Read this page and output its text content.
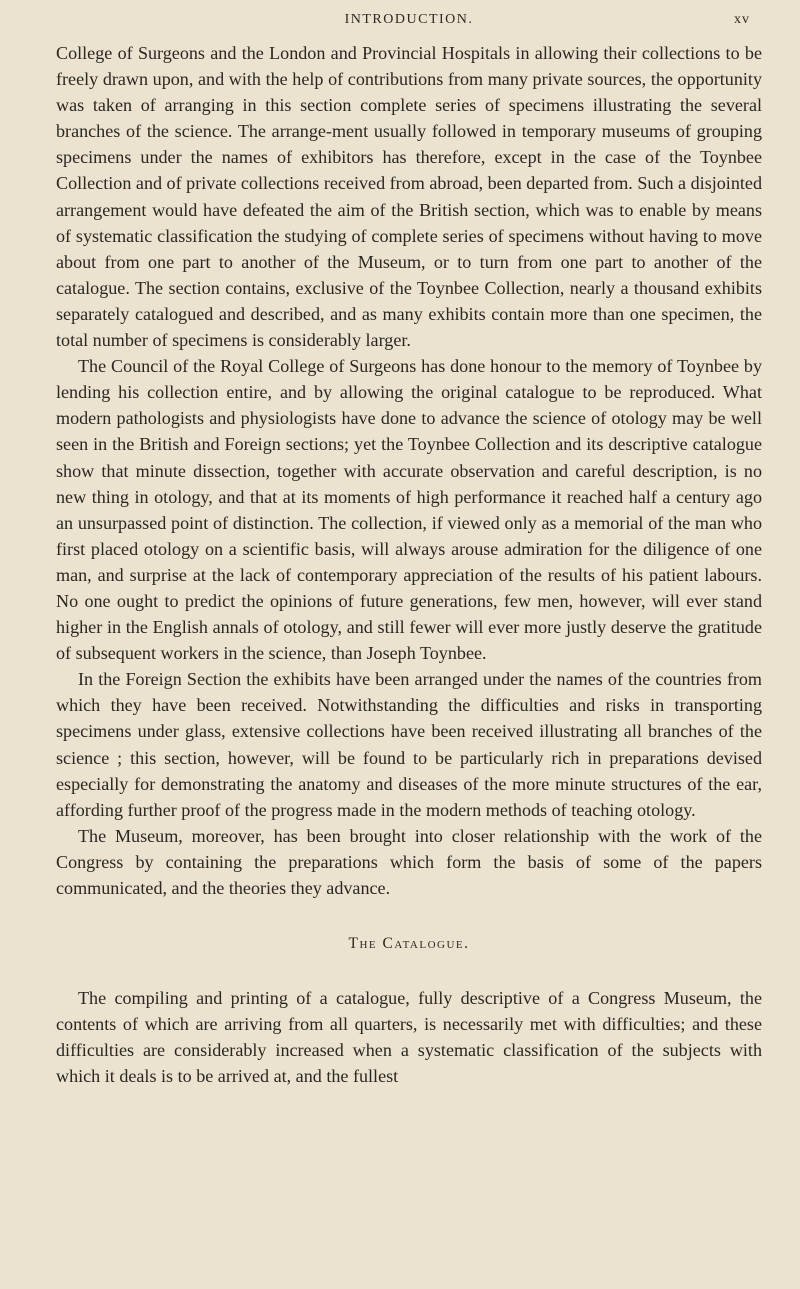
INTRODUCTION.	xv

College of Surgeons and the London and Provincial Hospitals in allowing their collections to be freely drawn upon, and with the help of contributions from many private sources, the opportunity was taken of arranging in this section complete series of specimens illustrating the several branches of the science. The arrange-ment usually followed in temporary museums of grouping specimens under the names of exhibitors has therefore, except in the case of the Toynbee Collection and of private collections received from abroad, been departed from. Such a disjointed arrangement would have defeated the aim of the British section, which was to enable by means of systematic classification the studying of complete series of specimens without having to move about from one part to another of the Museum, or to turn from one part to another of the catalogue. The section contains, exclusive of the Toynbee Collection, nearly a thousand exhibits separately catalogued and described, and as many exhibits contain more than one specimen, the total number of specimens is considerably larger.

The Council of the Royal College of Surgeons has done honour to the memory of Toynbee by lending his collection entire, and by allowing the original catalogue to be reproduced. What modern pathologists and physiologists have done to advance the science of otology may be well seen in the British and Foreign sections; yet the Toynbee Collection and its descriptive catalogue show that minute dissection, together with accurate observation and careful description, is no new thing in otology, and that at its moments of high performance it reached half a century ago an unsurpassed point of distinction. The collection, if viewed only as a memorial of the man who first placed otology on a scientific basis, will always arouse admiration for the diligence of one man, and surprise at the lack of contemporary appreciation of the results of his patient labours. No one ought to predict the opinions of future generations, few men, however, will ever stand higher in the English annals of otology, and still fewer will ever more justly deserve the gratitude of subsequent workers in the science, than Joseph Toynbee.

In the Foreign Section the exhibits have been arranged under the names of the countries from which they have been received. Notwithstanding the difficulties and risks in transporting specimens under glass, extensive collections have been received illustrating all branches of the science ; this section, however, will be found to be particularly rich in preparations devised especially for demonstrating the anatomy and diseases of the more minute structures of the ear, affording further proof of the progress made in the modern methods of teaching otology.

The Museum, moreover, has been brought into closer relationship with the work of the Congress by containing the preparations which form the basis of some of the papers communicated, and the theories they advance.

The Catalogue.

The compiling and printing of a catalogue, fully descriptive of a Congress Museum, the contents of which are arriving from all quarters, is necessarily met with difficulties; and these difficulties are considerably increased when a systematic classification of the subjects with which it deals is to be arrived at, and the fullest
